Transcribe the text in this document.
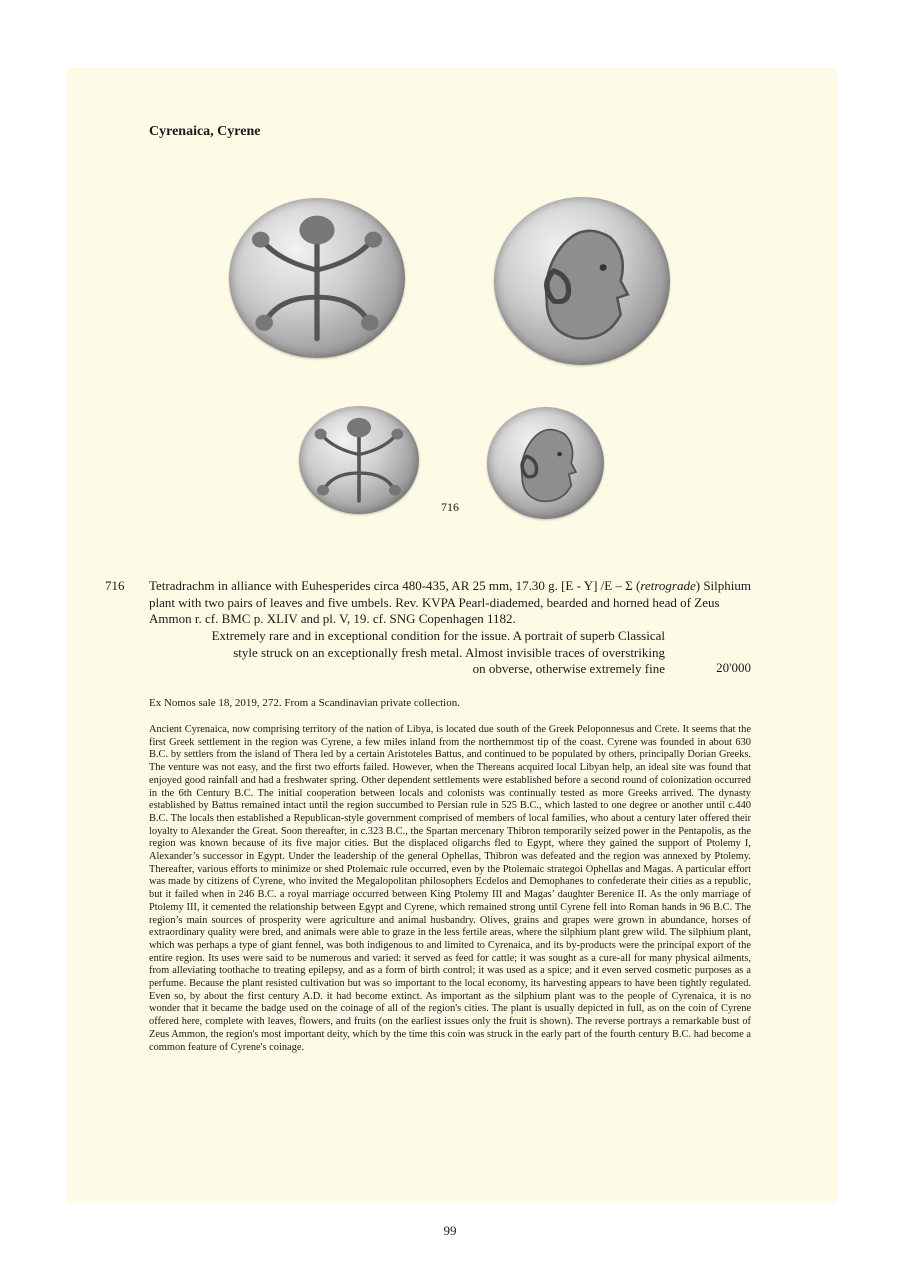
Cyrenaica, Cyrene
716
716 Tetradrachm in alliance with Euhesperides circa 480-435, AR 25 mm, 17.30 g. [E - Y] /E – Σ (retrograde) Silphium plant with two pairs of leaves and five umbels. Rev. KVPA Pearl-diademed, bearded and horned head of Zeus Ammon r. cf. BMC p. XLIV and pl. V, 19. cf. SNG Copenhagen 1182.

Extremely rare and in exceptional condition for the issue. A portrait of superb Classical
style struck on an exceptionally fresh metal. Almost invisible traces of overstriking
on obverse, otherwise extremely fine	20'000

Ex Nomos sale 18, 2019, 272. From a Scandinavian private collection.

Ancient Cyrenaica, now comprising territory of the nation of Libya, is located due south of the Greek Peloponnesus and Crete. It seems that the first Greek settlement in the region was Cyrene, a few miles inland from the northernmost tip of the coast. Cyrene was founded in about 630 B.C. by settlers from the island of Thera led by a certain Aristoteles Battus, and continued to be populated by others, principally Dorian Greeks. The venture was not easy, and the first two efforts failed. However, when the Thereans acquired local Libyan help, an ideal site was found that enjoyed good rainfall and had a freshwater spring. Other dependent settlements were established before a second round of colonization occurred in the 6th Century B.C. The initial cooperation between locals and colonists was continually tested as more Greeks arrived. The dynasty established by Battus remained intact until the region succumbed to Persian rule in 525 B.C., which lasted to one degree or another until c.440 B.C. The locals then established a Republican-style government comprised of members of local families, who about a century later offered their loyalty to Alexander the Great. Soon thereafter, in c.323 B.C., the Spartan mercenary Thibron temporarily seized power in the Pentapolis, as the region was known because of its five major cities. But the displaced oligarchs fled to Egypt, where they gained the support of Ptolemy I, Alexander’s successor in Egypt. Under the leadership of the general Ophellas, Thibron was defeated and the region was annexed by Ptolemy. Thereafter, various efforts to minimize or shed Ptolemaic rule occurred, even by the Ptolemaic strategoi Ophellas and Magas. A particular effort was made by citizens of Cyrene, who invited the Megalopolitan philosophers Ecdelos and Demophanes to confederate their cities as a republic, but it failed when in 246 B.C. a royal marriage occurred between King Ptolemy III and Magas’ daughter Berenice II. As the only marriage of Ptolemy III, it cemented the relationship between Egypt and Cyrene, which remained strong until Cyrene fell into Roman hands in 96 B.C. The region’s main sources of prosperity were agriculture and animal husbandry. Olives, grains and grapes were grown in abundance, horses of extraordinary quality were bred, and animals were able to graze in the less fertile areas, where the silphium plant grew wild. The silphium plant, which was perhaps a type of giant fennel, was both indigenous to and limited to Cyrenaica, and its by-products were the principal export of the entire region. Its uses were said to be numerous and varied: it served as feed for cattle; it was sought as a cure-all for many physical ailments, from alleviating toothache to treating epilepsy, and as a form of birth control; it was used as a spice; and it even served cosmetic purposes as a perfume. Because the plant resisted cultivation but was so important to the local economy, its harvesting appears to have been tightly regulated. Even so, by about the first century A.D. it had become extinct. As important as the silphium plant was to the people of Cyrenaica, it is no wonder that it became the badge used on the coinage of all of the region's cities. The plant is usually depicted in full, as on the coin of Cyrene offered here, complete with leaves, flowers, and fruits (on the earliest issues only the fruit is shown). The reverse portrays a remarkable bust of Zeus Ammon, the region's most important deity, which by the time this coin was struck in the early part of the fourth century B.C. had become a common feature of Cyrene's coinage.

99
